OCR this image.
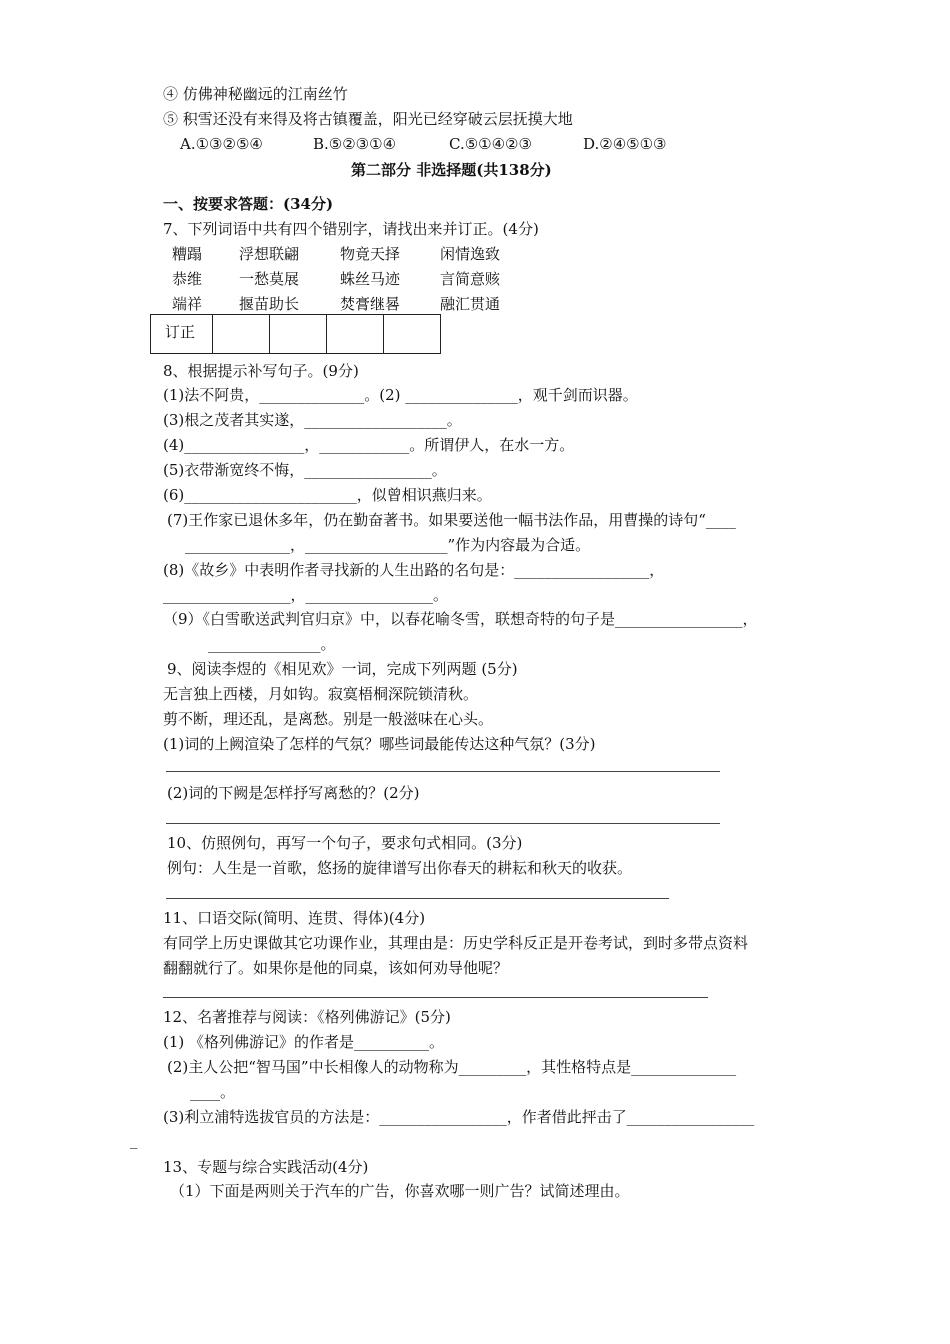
④ 仿佛神秘幽远的江南丝竹
⑤ 积雪还没有来得及将古镇覆盖，阳光已经穿破云层抚摸大地
A.①③②⑤④	B.⑤②③①④	C.⑤①④②③	D.②④⑤①③
第二部分 非选择题(共138分)
一、按要求答题：(34分)
7、下列词语中共有四个错别字，请找出来并订正。(4分)
糟蹋 浮想联翩	物竟天择	闲情逸致
恭维 一愁莫展	蛛丝马迹	言简意赅
端祥 揠苗助长	焚膏继晷	融汇贯通
订正				
8、根据提示补写句子。(9分)
(1)法不阿贵，______________。(2) _______________，观千剑而识器。
(3)根之茂者其实遂，___________________。
(4)________________，____________。所谓伊人，在水一方。
(5)衣带渐宽终不悔，_________________。
(6)_______________________，似曾相识燕归来。
(7)王作家已退休多年，仍在勤奋著书。如果要送他一幅书法作品，用曹操的诗句“____
______________，___________________”作为内容最为合适。
(8)《故乡》中表明作者寻找新的人生出路的名句是：__________________，
_________________，_________________。
（9）《白雪歌送武判官归京》中，以春花喻冬雪，联想奇特的句子是_________________，
_______________。
9、阅读李煜的《相见欢》一词，完成下列两题 (5分)
无言独上西楼，月如钩。寂寞梧桐深院锁清秋。
剪不断，理还乱，是离愁。别是一般滋味在心头。
(1)词的上阙渲染了怎样的气氛？哪些词最能传达这种气氛？(3分)
(2)词的下阙是怎样抒写离愁的？(2分)
10、仿照例句，再写一个句子，要求句式相同。(3分)
例句：人生是一首歌，悠扬的旋律谱写出你春天的耕耘和秋天的收获。
11、口语交际(简明、连贯、得体)(4分)
有同学上历史课做其它功课作业，其理由是：历史学科反正是开卷考试，到时多带点资料
翻翻就行了。如果你是他的同桌，该如何劝导他呢？
12、名著推荐与阅读：《格列佛游记》(5分)
(1) 《格列佛游记》的作者是__________。
(2)主人公把“智马国”中长相像人的动物称为_________，其性格特点是______________
____。
(3)利立浦特选拔官员的方法是：_________________，作者借此抨击了_________________
_
13、专题与综合实践活动(4分)
（1）下面是两则关于汽车的广告，你喜欢哪一则广告？试简述理由。
